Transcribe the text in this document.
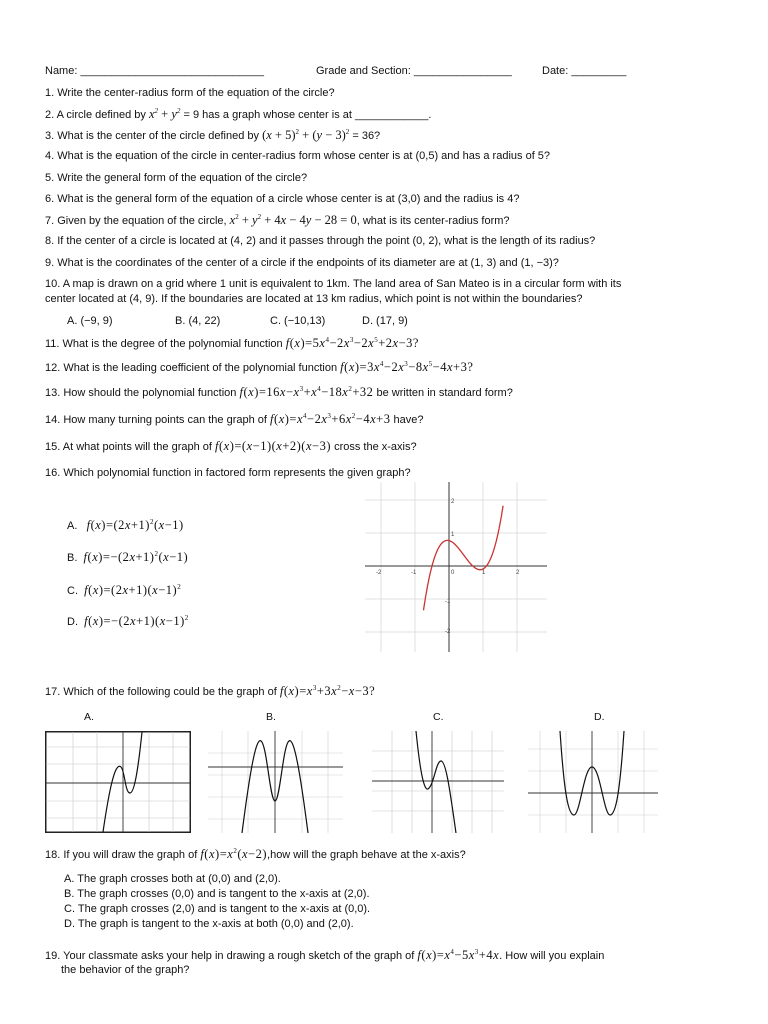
Name: ______________________________	Grade and Section: ________________	Date: _________
1. Write the center-radius form of the equation of the circle?
2. A circle defined by $x^2 + y^2 = 9$ has a graph whose center is at ____________.
3. What is the center of the circle defined by $(x + 5)^2 + (y - 3)^2 = 36$?
4. What is the equation of the circle in center-radius form whose center is at (0,5) and has a radius of 5?
5. Write the general form of the equation of the circle?
6. What is the general form of the equation of a circle whose center is at (3,0) and the radius is 4?
7. Given by the equation of the circle, $x^2 + y^2 + 4x - 4y - 28 = 0$, what is its center-radius form?
8. If the center of a circle is located at (4, 2) and it passes through the point (0, 2), what is the length of its radius?
9. What is the coordinates of the center of a circle if the endpoints of its diameter are at (1, 3) and (1, −3)?
10. A map is drawn on a grid where 1 unit is equivalent to 1km. The land area of San Mateo is in a circular form with its
center located at (4, 9). If the boundaries are located at 13 km radius, which point is not within the boundaries?
A. (−9, 9)	B. (4, 22)	C. (−10,13)	D. (17, 9)
11. What is the degree of the polynomial function $f(x)=5x^4-2x^3-2x^5+2x-3$?
12. What is the leading coefficient of the polynomial function $f(x)=3x^4-2x^3-8x^5-4x+3$?
13. How should the polynomial function $f(x)=16x-x^3+x^4-18x^2+32$ be written in standard form?
14. How many turning points can the graph of $f(x)=x^4-2x^3+6x^2-4x+3$ have?
15. At what points will the graph of f(x)=(x−1)(x+2)(x−3) cross the x-axis?
16. Which polynomial function in factored form represents the given graph?
A. $f(x)=(2x+1)^2(x-1)$
B. $f(x)=-(2x+1)^2(x-1)$
C. $f(x)=(2x+1)(x-1)^2$
D. $f(x)=-(2x+1)(x-1)^2$
-2	-1	0	1	2
2
1
-1
-2
17. Which of the following could be the graph of $f(x)=x^3+3x^2-x-3$?
A.	B.	C.	D.
18. If you will draw the graph of $f(x)=x^2(x-2),how$ will the graph behave at the x-axis?
A. The graph crosses both at (0,0) and (2,0).
B. The graph crosses (0,0) and is tangent to the x-axis at (2,0).
C. The graph crosses (2,0) and is tangent to the x-axis at (0,0).
D. The graph is tangent to the x-axis at both (0,0) and (2,0).
19. Your classmate asks your help in drawing a rough sketch of the graph of $f(x)=x^4-5x^3+4x$. How will you explain
the behavior of the graph?
